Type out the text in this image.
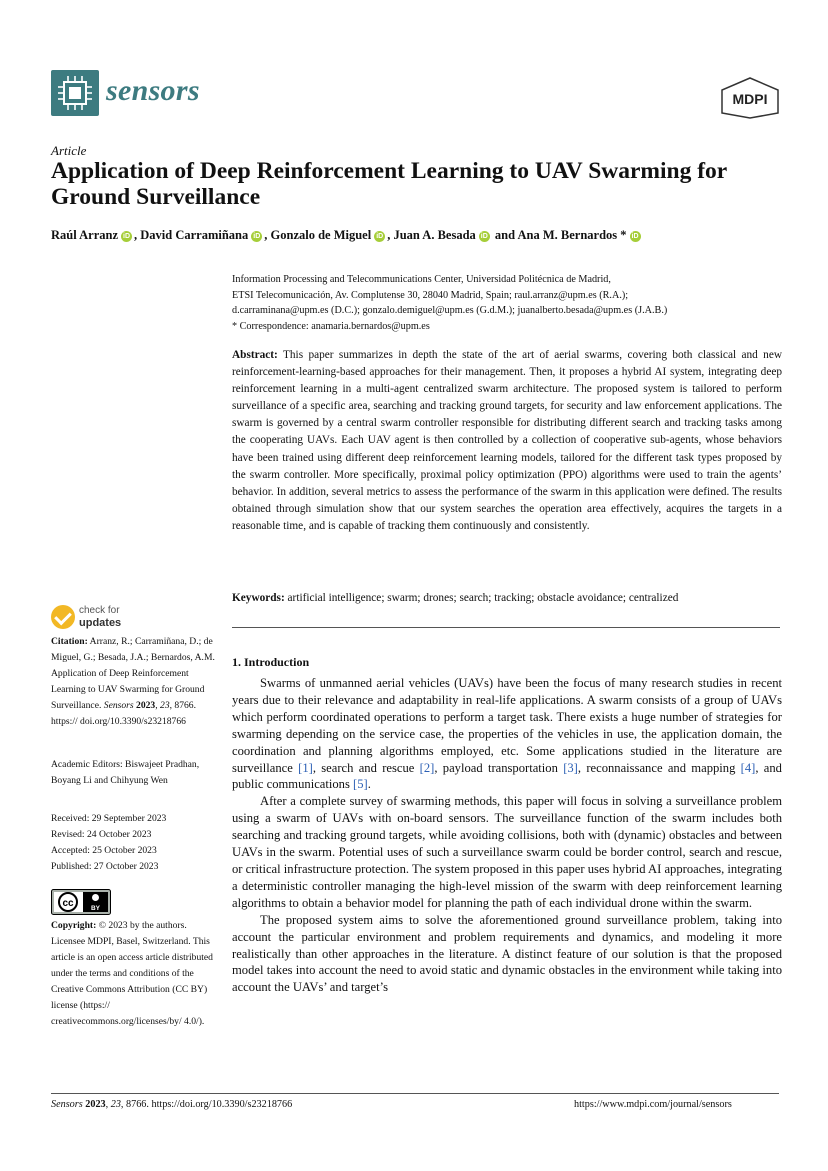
sensors	MDPI
Article
Application of Deep Reinforcement Learning to UAV Swarming for Ground Surveillance
Raúl Arranz iD , David Carramiñana iD , Gonzalo de Miguel iD , Juan A. Besada iD and Ana M. Bernardos * iD
Information Processing and Telecommunications Center, Universidad Politécnica de Madrid,
ETSI Telecomunicación, Av. Complutense 30, 28040 Madrid, Spain; raul.arranz@upm.es (R.A.);
d.carraminana@upm.es (D.C.); gonzalo.demiguel@upm.es (G.d.M.); juanalberto.besada@upm.es (J.A.B.)
* Correspondence: anamaria.bernardos@upm.es
Abstract: This paper summarizes in depth the state of the art of aerial swarms, covering both classical and new reinforcement-learning-based approaches for their management. Then, it proposes a hybrid AI system, integrating deep reinforcement learning in a multi-agent centralized swarm architecture. The proposed system is tailored to perform surveillance of a specific area, searching and tracking ground targets, for security and law enforcement applications. The swarm is governed by a central swarm controller responsible for distributing different search and tracking tasks among the cooperating UAVs. Each UAV agent is then controlled by a collection of cooperative sub-agents, whose behaviors have been trained using different deep reinforcement learning models, tailored for the different task types proposed by the swarm controller. More specifically, proximal policy optimization (PPO) algorithms were used to train the agents’ behavior. In addition, several metrics to assess the performance of the swarm in this application were defined. The results obtained through simulation show that our system searches the operation area effectively, acquires the targets in a reasonable time, and is capable of tracking them continuously and consistently.
Keywords: artificial intelligence; swarm; drones; search; tracking; obstacle avoidance; centralized
1. Introduction

Swarms of unmanned aerial vehicles (UAVs) have been the focus of many research studies in recent years due to their relevance and adaptability in real-life applications. A swarm consists of a group of UAVs which perform coordinated operations to perform a target task. There exists a huge number of strategies for swarming depending on the service case, the properties of the vehicles in use, the application domain, the coordination and planning algorithms employed, etc. Some applications studied in the literature are surveillance [1], search and rescue [2], payload transportation [3], reconnaissance and mapping [4], and public communications [5].

After a complete survey of swarming methods, this paper will focus in solving a surveillance problem using a swarm of UAVs with on-board sensors. The surveillance function of the swarm includes both searching and tracking ground targets, while avoiding collisions, both with (dynamic) obstacles and between UAVs in the swarm. Potential uses of such a surveillance swarm could be border control, search and rescue, or critical infrastructure protection. The system proposed in this paper uses hybrid AI approaches, integrating a deterministic controller managing the high-level mission of the swarm with deep reinforcement learning algorithms to obtain a behavior model for planning the path of each individual drone within the swarm.

The proposed system aims to solve the aforementioned ground surveillance problem, taking into account the particular environment and problem requirements and dynamics, and modeling it more realistically than other approaches in the literature. A distinct feature of our solution is that the proposed model takes into account the need to avoid static and dynamic obstacles in the environment while taking into account the UAVs’ and target’s

check for
updates
Citation: Arranz, R.; Carramiñana, D.; de Miguel, G.; Besada, J.A.; Bernardos, A.M. Application of Deep Reinforcement Learning to UAV Swarming for Ground Surveillance. Sensors 2023, 23, 8766. https:// doi.org/10.3390/s23218766
Academic Editors: Biswajeet Pradhan, Boyang Li and Chihyung Wen
Received: 29 September 2023
Revised: 24 October 2023
Accepted: 25 October 2023
Published: 27 October 2023
cc	BY
Copyright: © 2023 by the authors. Licensee MDPI, Basel, Switzerland. This article is an open access article distributed under the terms and conditions of the Creative Commons Attribution (CC BY) license (https:// creativecommons.org/licenses/by/ 4.0/).
Sensors 2023, 23, 8766. https://doi.org/10.3390/s23218766	https://www.mdpi.com/journal/sensors
